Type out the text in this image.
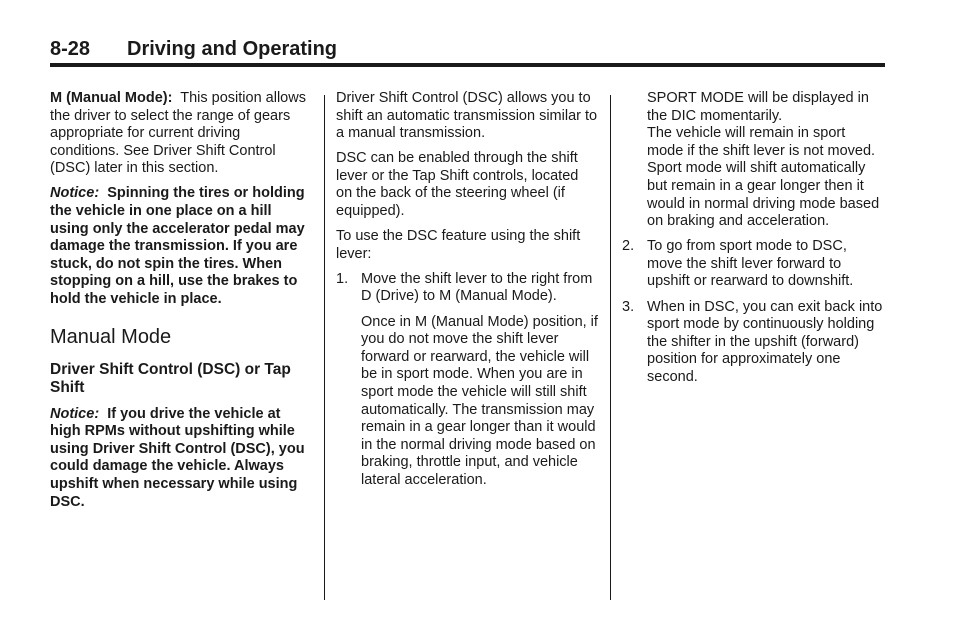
8-28 Driving and Operating

M (Manual Mode): This position allows the driver to select the range of gears appropriate for current driving conditions. See Driver Shift Control (DSC) later in this section.

Notice: Spinning the tires or holding the vehicle in one place on a hill using only the accelerator pedal may damage the transmission. If you are stuck, do not spin the tires. When stopping on a hill, use the brakes to hold the vehicle in place.

Manual Mode
Driver Shift Control (DSC) or Tap Shift

Notice: If you drive the vehicle at high RPMs without upshifting while using Driver Shift Control (DSC), you could damage the vehicle. Always upshift when necessary while using DSC.

Driver Shift Control (DSC) allows you to shift an automatic transmission similar to a manual transmission.

DSC can be enabled through the shift lever or the Tap Shift controls, located on the back of the steering wheel (if equipped).

To use the DSC feature using the shift lever:

1. Move the shift lever to the right from D (Drive) to M (Manual Mode).

Once in M (Manual Mode) position, if you do not move the shift lever forward or rearward, the vehicle will be in sport mode. When you are in sport mode the vehicle will still shift automatically. The transmission may remain in a gear longer than it would in the normal driving mode based on braking, throttle input, and vehicle lateral acceleration.

SPORT MODE will be displayed in the DIC momentarily.

The vehicle will remain in sport mode if the shift lever is not moved. Sport mode will shift automatically but remain in a gear longer then it would in normal driving mode based on braking and acceleration.

2. To go from sport mode to DSC, move the shift lever forward to upshift or rearward to downshift.
3. When in DSC, you can exit back into sport mode by continuously holding the shifter in the upshift (forward) position for approximately one second.
